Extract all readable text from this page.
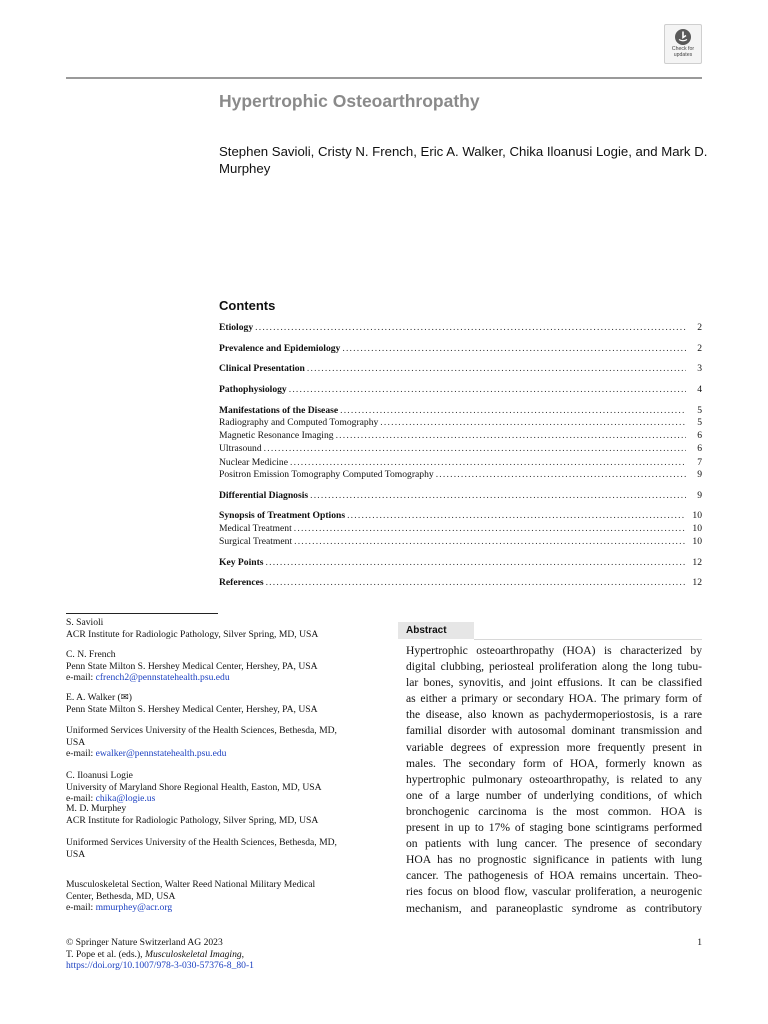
Check for
updates
Hypertrophic Osteoarthropathy
Stephen Savioli, Cristy N. French, Eric A. Walker, Chika Iloanusi Logie, and Mark D. Murphey
Contents
Etiology .....	2
Prevalence and Epidemiology .....	2
Clinical Presentation .....	3
Pathophysiology .....	4
Manifestations of the Disease .....	5
Radiography and Computed Tomography .....	5
Magnetic Resonance Imaging .....	6
Ultrasound .....	6
Nuclear Medicine .....	7
Positron Emission Tomography Computed Tomography .....	9
Differential Diagnosis .....	9
Synopsis of Treatment Options .....	10
Medical Treatment .....	10
Surgical Treatment .....	10
Key Points .....	12
References .....	12
S. Savioli
ACR Institute for Radiologic Pathology, Silver Spring, MD, USA
C. N. French
Penn State Milton S. Hershey Medical Center, Hershey, PA, USA
e-mail: cfrench2@pennstatehealth.psu.edu
E. A. Walker (✉)
Penn State Milton S. Hershey Medical Center, Hershey, PA, USA
Uniformed Services University of the Health Sciences, Bethesda, MD,
USA
e-mail: ewalker@pennstatehealth.psu.edu
C. Iloanusi Logie
University of Maryland Shore Regional Health, Easton, MD, USA
e-mail: chika@logie.us
M. D. Murphey
ACR Institute for Radiologic Pathology, Silver Spring, MD, USA
Uniformed Services University of the Health Sciences, Bethesda, MD,
USA
Musculoskeletal Section, Walter Reed National Military Medical
Center, Bethesda, MD, USA
e-mail: mmurphey@acr.org
Abstract
Hypertrophic osteoarthropathy (HOA) is characterized by
digital clubbing, periosteal proliferation along the long tubu-
lar bones, synovitis, and joint effusions. It can be classified
as either a primary or secondary HOA. The primary form of
the disease, also known as pachydermoperiostosis, is a rare
familial disorder with autosomal dominant transmission and
variable degrees of expression more frequently present in
males. The secondary form of HOA, formerly known as
hypertrophic pulmonary osteoarthropathy, is related to any
one of a large number of underlying conditions, of which
bronchogenic carcinoma is the most common. HOA is
present in up to 17% of staging bone scintigrams performed
on patients with lung cancer. The presence of secondary
HOA has no prognostic significance in patients with lung
cancer. The pathogenesis of HOA remains uncertain. Theo-
ries focus on blood flow, vascular proliferation, a neurogenic
mechanism, and paraneoplastic syndrome as contributory
© Springer Nature Switzerland AG 2023
T. Pope et al. (eds.), Musculoskeletal Imaging,
https://doi.org/10.1007/978-3-030-57376-8_80-1
1
